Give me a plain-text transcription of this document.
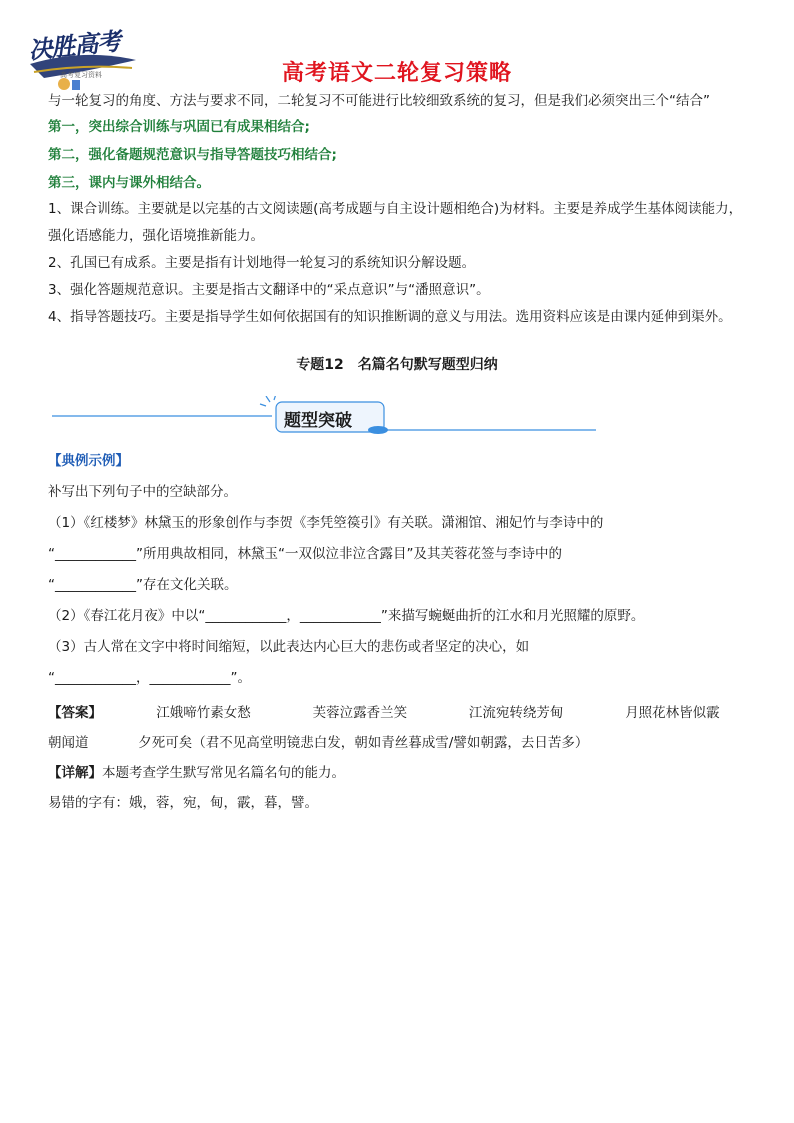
决胜高考
高考复习资料	高考语文二轮复习策略
与一轮复习的角度、方法与要求不同，二轮复习不可能进行比较细致系统的复习，但是我们必须突出三个“结合”
第一，突出综合训练与巩固已有成果相结合;
第二，强化备题规范意识与指导答题技巧相结合;
第三，课内与课外相结合。
1、课合训练。主要就是以完基的古文阅读题(高考成题与自主设计题相绝合)为材料。主要是养成学生基体阅读能力，
强化语感能力，强化语境推新能力。
2、孔国已有成系。主要是指有计划地得一轮复习的系统知识分解设题。
3、强化答题规范意识。主要是指古文翻译中的“采点意识”与“潘照意识”。
4、指导答题技巧。主要是指导学生如何依据国有的知识推断调的意义与用法。选用资料应该是由课内延伸到渠外。
专题12　名篇名句默写题型归纳
题型突破
【典例示例】
补写出下列句子中的空缺部分。
（1）《红楼梦》林黛玉的形象创作与李贺《李凭箜篌引》有关联。潇湘馆、湘妃竹与李诗中的
“____________”所用典故相同，林黛玉“一双似泣非泣含露目”及其芙蓉花签与李诗中的
“____________”存在文化关联。
（2）《春江花月夜》中以“____________，____________”来描写蜿蜒曲折的江水和月光照耀的原野。
（3）古人常在文字中将时间缩短，以此表达内心巨大的悲伤或者坚定的决心，如
“____________，____________”。
【答案】	江娥啼竹素女愁	芙蓉泣露香兰笑	江流宛转绕芳甸	月照花林皆似霰
朝闻道	夕死可矣（君不见高堂明镜悲白发，朝如青丝暮成雪/譬如朝露，去日苦多）
【详解】本题考查学生默写常见名篇名句的能力。
易错的字有：娥，蓉，宛，甸，霰，暮，譬。
